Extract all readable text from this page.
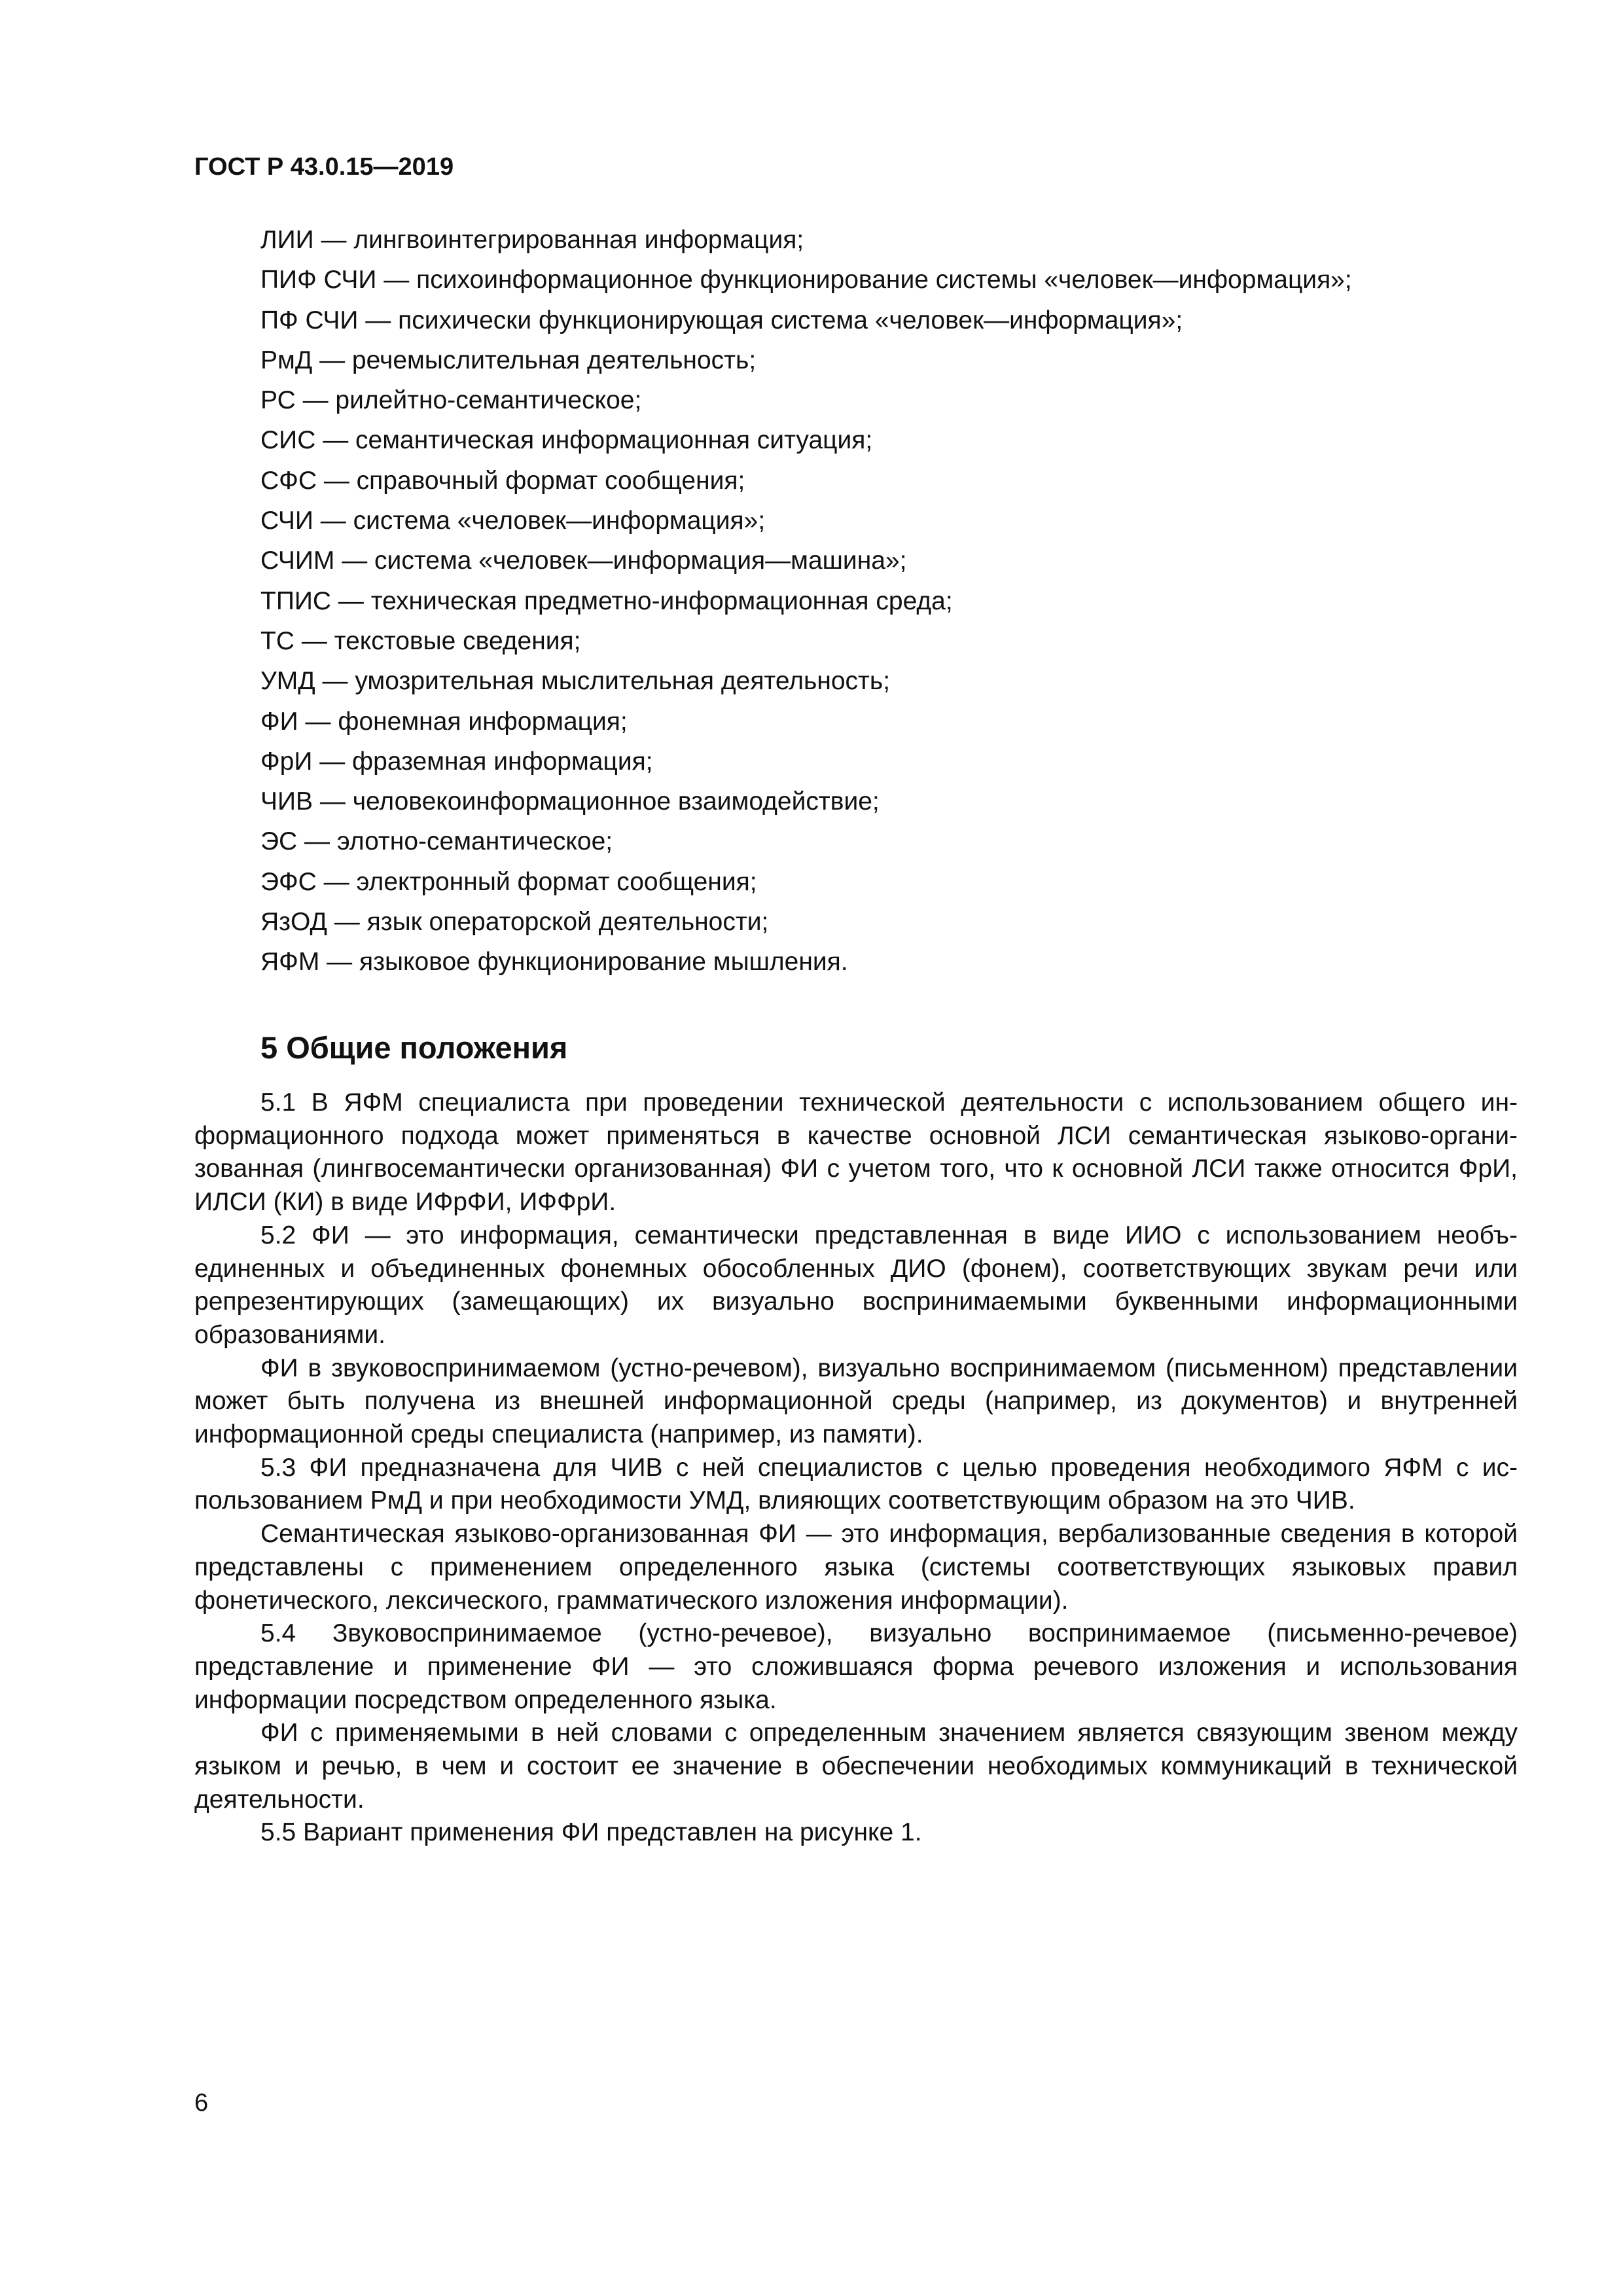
ГОСТ Р 43.0.15—2019
ЛИИ — лингвоинтегрированная информация;
ПИФ СЧИ — психоинформационное функционирование системы «человек—информация»;
ПФ СЧИ — психически функционирующая система «человек—информация»;
РмД — речемыслительная деятельность;
РС — рилейтно-семантическое;
СИС — семантическая информационная ситуация;
СФС — справочный формат сообщения;
СЧИ — система «человек—информация»;
СЧИМ — система «человек—информация—машина»;
ТПИС — техническая предметно-информационная среда;
ТС — текстовые сведения;
УМД — умозрительная мыслительная деятельность;
ФИ — фонемная информация;
ФрИ — фраземная информация;
ЧИВ — человекоинформационное взаимодействие;
ЭС — элотно-семантическое;
ЭФС — электронный формат сообщения;
ЯзОД — язык операторской деятельности;
ЯФМ — языковое функционирование мышления.
5 Общие положения

5.1 В ЯФМ специалиста при проведении технической деятельности с использованием общего информационного подхода может применяться в качестве основной ЛСИ семантическая языково-организованная (лингвосемантически организованная) ФИ с учетом того, что к основной ЛСИ также относится ФрИ, ИЛСИ (КИ) в виде ИФрФИ, ИФФрИ.

5.2 ФИ — это информация, семантически представленная в виде ИИО с использованием необъединенных и объединенных фонемных обособленных ДИО (фонем), соответствующих звукам речи или репрезентирующих (замещающих) их визуально воспринимаемыми буквенными информационными образованиями.

ФИ в звуковоспринимаемом (устно-речевом), визуально воспринимаемом (письменном) представлении может быть получена из внешней информационной среды (например, из документов) и внутренней информационной среды специалиста (например, из памяти).

5.3 ФИ предназначена для ЧИВ с ней специалистов с целью проведения необходимого ЯФМ с использованием РмД и при необходимости УМД, влияющих соответствующим образом на это ЧИВ.

Семантическая языково-организованная ФИ — это информация, вербализованные сведения в которой представлены с применением определенного языка (системы соответствующих языковых правил фонетического, лексического, грамматического изложения информации).

5.4 Звуковоспринимаемое (устно-речевое), визуально воспринимаемое (письменно-речевое) представление и применение ФИ — это сложившаяся форма речевого изложения и использования информации посредством определенного языка.

ФИ с применяемыми в ней словами с определенным значением является связующим звеном между языком и речью, в чем и состоит ее значение в обеспечении необходимых коммуникаций в технической деятельности.

5.5 Вариант применения ФИ представлен на рисунке 1.

6
